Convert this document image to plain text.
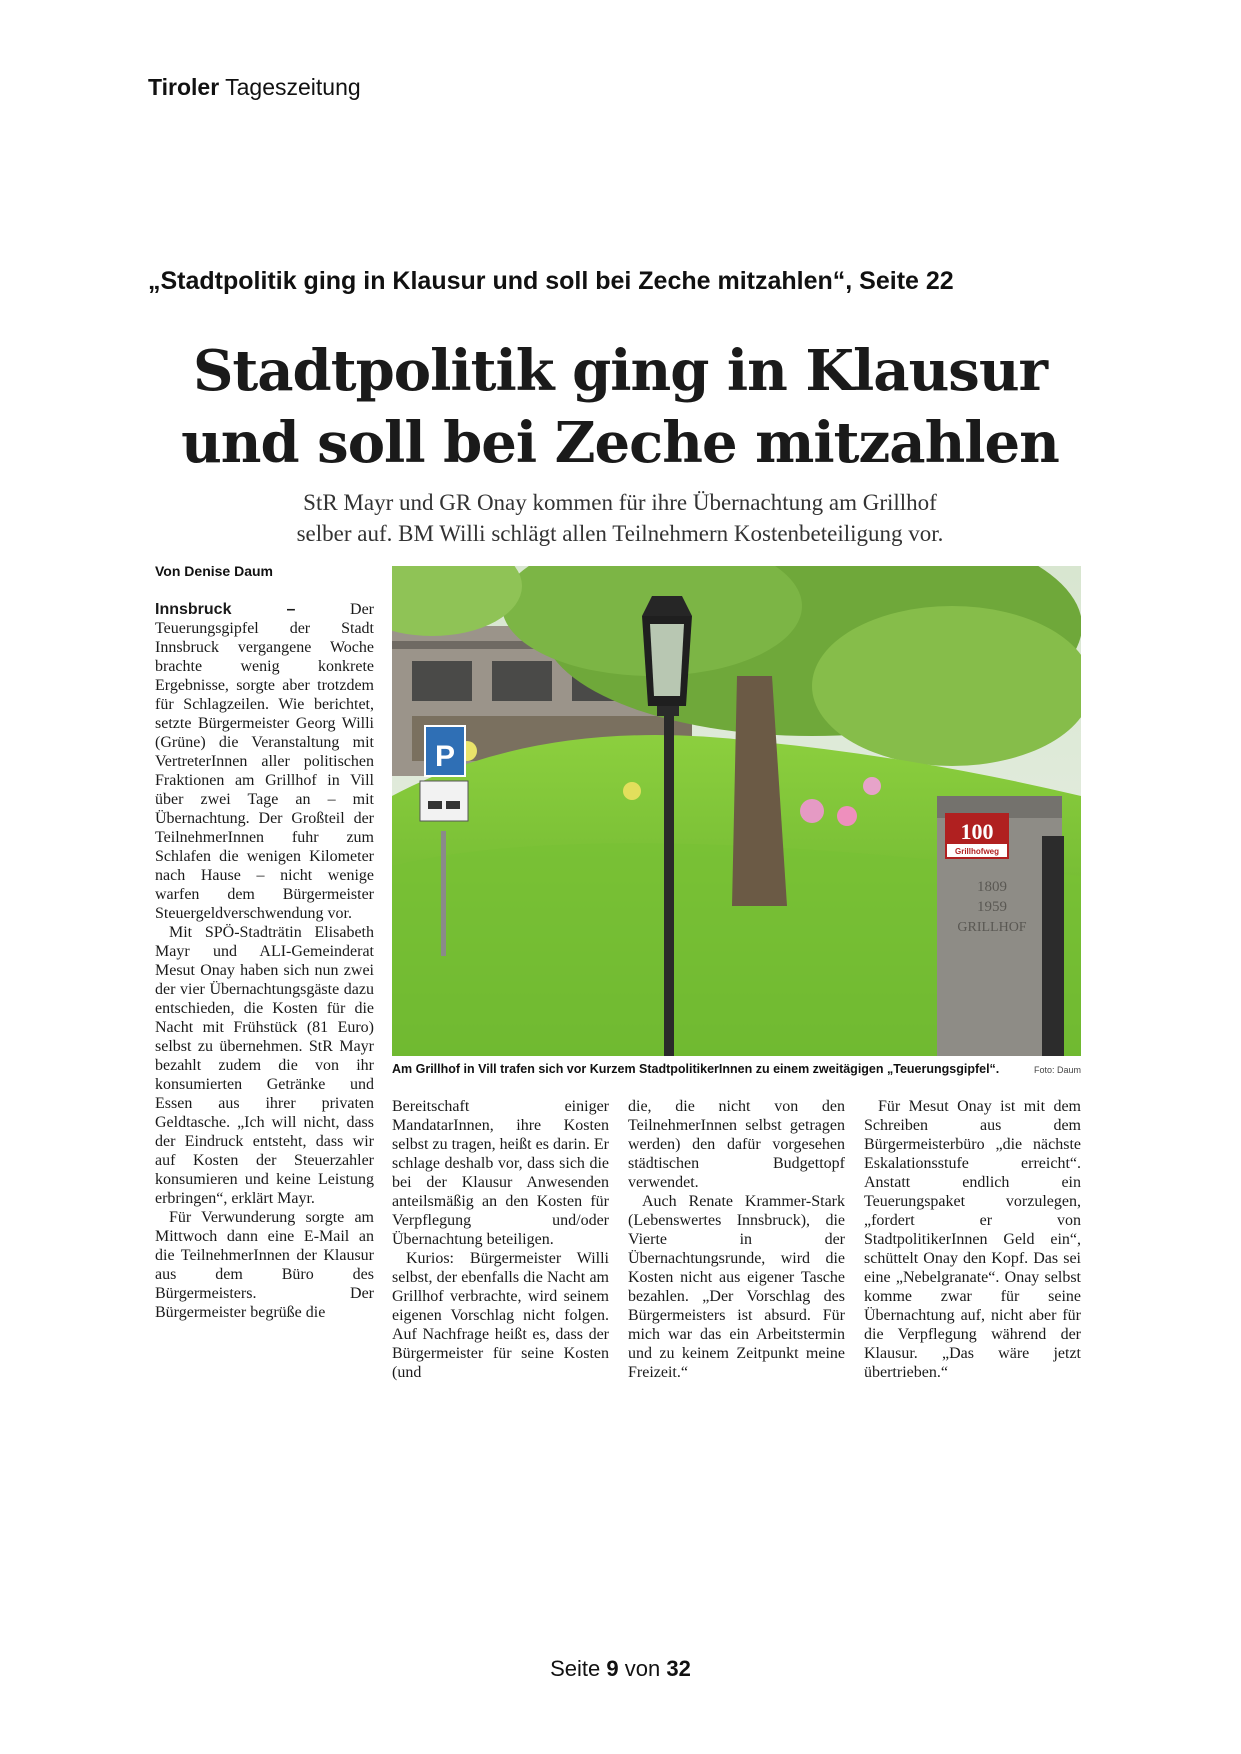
Tiroler Tageszeitung
„Stadtpolitik ging in Klausur und soll bei Zeche mitzahlen“, Seite 22
Stadtpolitik ging in Klausur
und soll bei Zeche mitzahlen
StR Mayr und GR Onay kommen für ihre Übernachtung am Grillhof
selber auf. BM Willi schlägt allen Teilnehmern Kostenbeteiligung vor.
Von Denise Daum

Innsbruck –	Der Teuerungsgipfel der Stadt Innsbruck vergangene Woche brachte wenig konkrete Ergebnisse, sorgte aber trotzdem für Schlagzeilen. Wie berichtet, setzte Bürgermeister Georg Willi (Grüne) die Veranstaltung mit VertreterInnen aller politischen Fraktionen am Grillhof in Vill über zwei Tage an – mit Übernachtung. Der Großteil der TeilnehmerInnen fuhr zum Schlafen die wenigen Kilometer nach Hause – nicht wenige warfen dem Bürgermeister Steuergeldverschwendung vor.

Mit SPÖ-Stadträtin Elisabeth Mayr und ALI-Gemeinderat Mesut Onay haben sich nun zwei der vier Übernachtungsgäste dazu entschieden, die Kosten für die Nacht mit Frühstück (81 Euro) selbst zu übernehmen. StR Mayr bezahlt zudem die von ihr konsumierten Getränke und Essen aus ihrer privaten Geldtasche. „Ich will nicht, dass der Eindruck entsteht, dass wir auf Kosten der Steuerzahler konsumieren und keine Leistung erbringen“, erklärt Mayr.

Für Verwunderung sorgte am Mittwoch dann eine E-Mail an die TeilnehmerInnen der Klausur aus dem Büro des Bürgermeisters. Der Bürgermeister begrüße die

P
100
Grillhofweg
1809
1959
GRILLHOF
Am Grillhof in Vill trafen sich vor Kurzem StadtpolitikerInnen zu einem zweitägigen „Teuerungsgipfel“.	Foto: Daum

Bereitschaft einiger MandatarInnen, ihre Kosten selbst zu tragen, heißt es darin. Er schlage deshalb vor, dass sich die bei der Klausur Anwesenden anteilsmäßig an den Kosten für Verpflegung und/oder Übernachtung beteiligen.

Kurios: Bürgermeister Willi selbst, der ebenfalls die Nacht am Grillhof verbrachte, wird seinem eigenen Vorschlag nicht folgen. Auf Nachfrage heißt es, dass der Bürgermeister für seine Kosten (und

die, die nicht von den TeilnehmerInnen selbst getragen werden) den dafür vorgesehen städtischen Budgettopf verwendet.

Auch Renate Krammer-Stark (Lebenswertes Innsbruck), die Vierte in der Übernachtungsrunde, wird die Kosten nicht aus eigener Tasche bezahlen. „Der Vorschlag des Bürgermeisters ist absurd. Für mich war das ein Arbeitstermin und zu keinem Zeitpunkt meine Freizeit.“

Für Mesut Onay ist mit dem Schreiben aus dem Bürgermeisterbüro „die nächste Eskalationsstufe erreicht“. Anstatt endlich ein Teuerungspaket vorzulegen, „fordert er von StadtpolitikerInnen Geld ein“, schüttelt Onay den Kopf. Das sei eine „Nebelgranate“. Onay selbst komme zwar für seine Übernachtung auf, nicht aber für die Verpflegung während der Klausur. „Das wäre jetzt übertrieben.“

Seite 9 von 32
